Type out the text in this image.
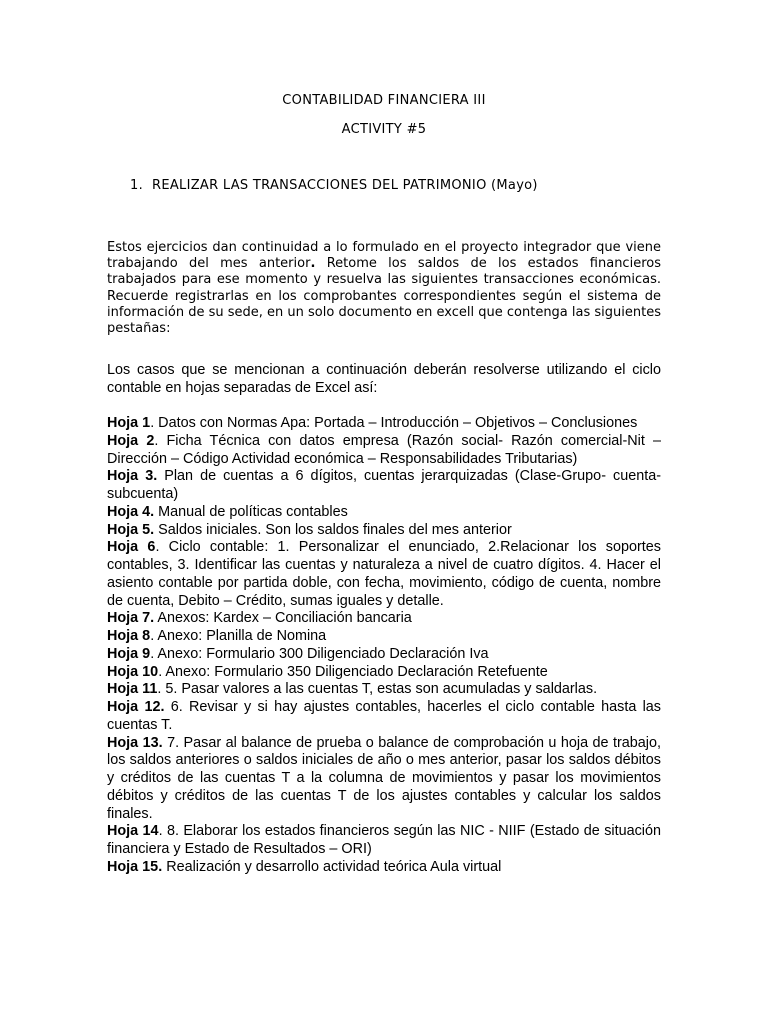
CONTABILIDAD FINANCIERA III
ACTIVITY #5
1. REALIZAR LAS TRANSACCIONES DEL PATRIMONIO (Mayo)
Estos ejercicios dan continuidad a lo formulado en el proyecto integrador que viene trabajando del mes anterior. Retome los saldos de los estados financieros trabajados para ese momento y resuelva las siguientes transacciones económicas. Recuerde registrarlas en los comprobantes correspondientes según el sistema de información de su sede, en un solo documento en excell que contenga las siguientes pestañas:
Los casos que se mencionan a continuación deberán resolverse utilizando el ciclo contable en hojas separadas de Excel así:

Hoja 1. Datos con Normas Apa: Portada – Introducción – Objetivos – Conclusiones

Hoja 2. Ficha Técnica con datos empresa (Razón social- Razón comercial-Nit – Dirección – Código Actividad económica – Responsabilidades Tributarias)

Hoja 3. Plan de cuentas a 6 dígitos, cuentas jerarquizadas (Clase-Grupo- cuenta-subcuenta)

Hoja 4. Manual de políticas contables

Hoja 5. Saldos iniciales. Son los saldos finales del mes anterior

Hoja 6. Ciclo contable: 1. Personalizar el enunciado, 2.Relacionar los soportes contables, 3. Identificar las cuentas y naturaleza a nivel de cuatro dígitos. 4. Hacer el asiento contable por partida doble, con fecha, movimiento, código de cuenta, nombre de cuenta, Debito – Crédito, sumas iguales y detalle.

Hoja 7. Anexos: Kardex – Conciliación bancaria

Hoja 8. Anexo: Planilla de Nomina

Hoja 9. Anexo: Formulario 300 Diligenciado Declaración Iva

Hoja 10. Anexo: Formulario 350 Diligenciado Declaración Retefuente

Hoja 11. 5. Pasar valores a las cuentas T, estas son acumuladas y saldarlas.

Hoja 12. 6. Revisar y si hay ajustes contables, hacerles el ciclo contable hasta las cuentas T.

Hoja 13. 7. Pasar al balance de prueba o balance de comprobación u hoja de trabajo, los saldos anteriores o saldos iniciales de año o mes anterior, pasar los saldos débitos y créditos de las cuentas T a la columna de movimientos y pasar los movimientos débitos y créditos de las cuentas T de los ajustes contables y calcular los saldos finales.

Hoja 14. 8. Elaborar los estados financieros según las NIC - NIIF (Estado de situación financiera y Estado de Resultados – ORI)

Hoja 15. Realización y desarrollo actividad teórica Aula virtual
